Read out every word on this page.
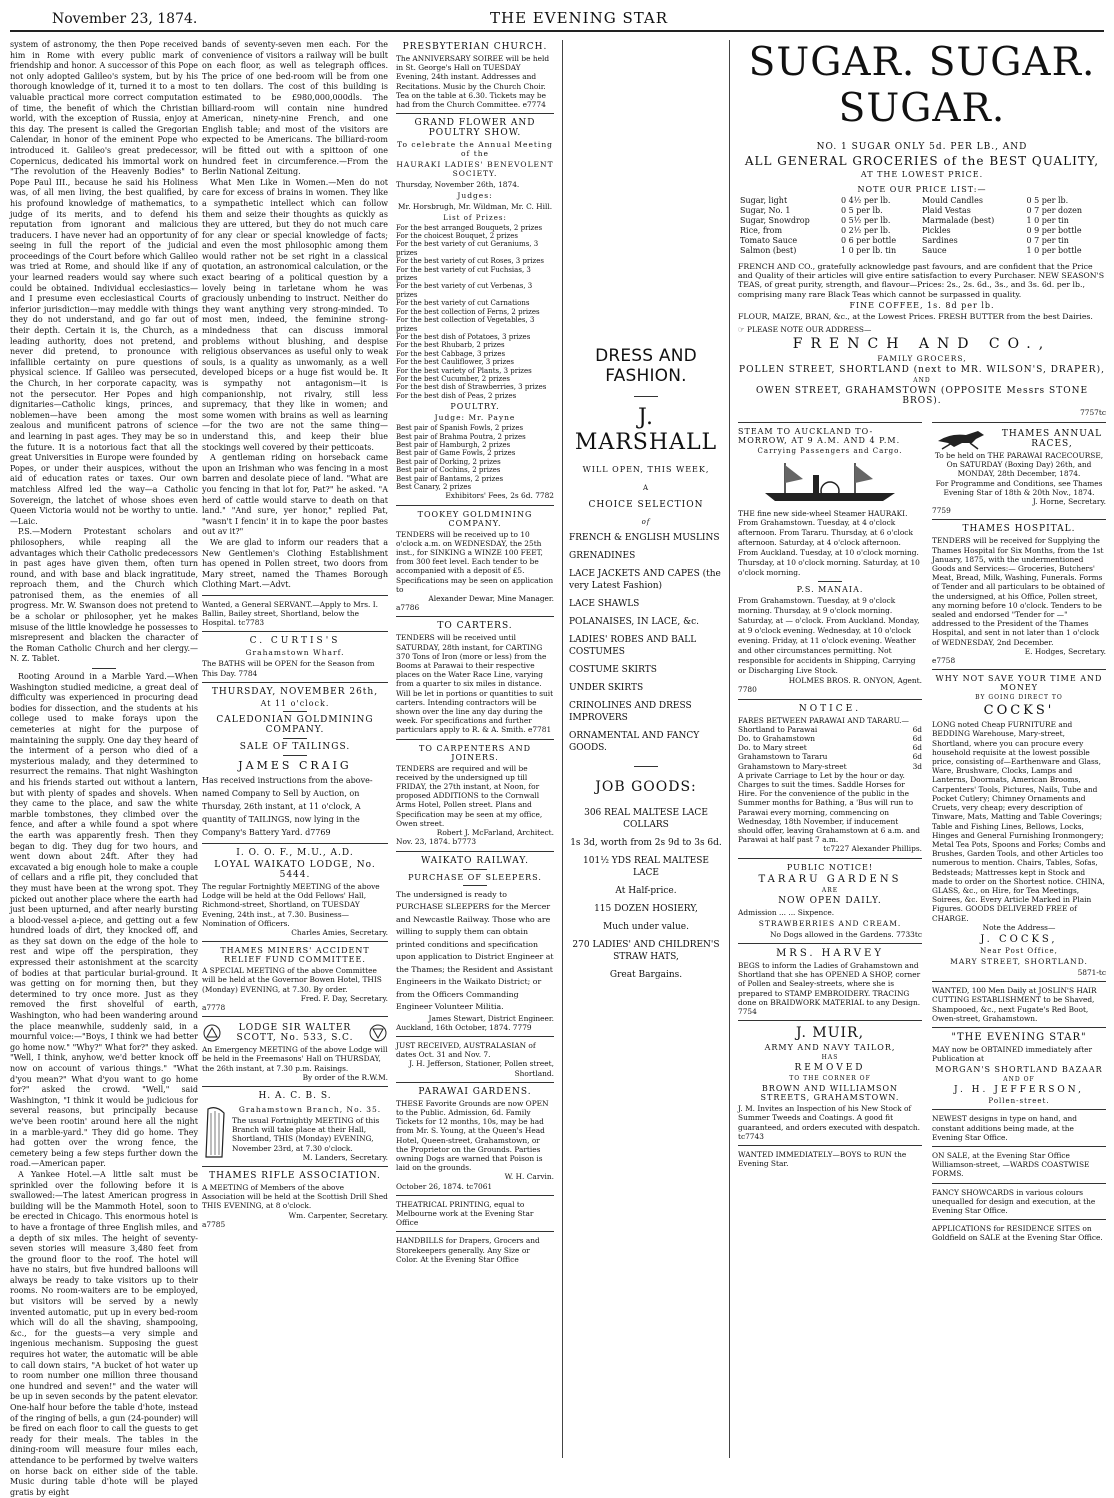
November 23, 1874.	THE EVENING STAR

system of astronomy, the then Pope received him in Rome with every public mark of friendship and honor. A successor of this Pope not only adopted Galileo's system, but by his thorough knowledge of it, turned it to a most valuable practical more correct computation of time, the benefit of which the Christian world, with the exception of Russia, enjoy at this day. The present is called the Gregorian Calendar, in honor of the eminent Pope who introduced it. Galileo's great predecessor, Copernicus, dedicated his immortal work on "The revolution of the Heavenly Bodies" to Pope Paul III., because he said his Holiness was, of all men living, the best qualified, by his profound knowledge of mathematics, to judge of its merits, and to defend his reputation from ignorant and malicious traducers. I have never had an opportunity of seeing in full the report of the judicial proceedings of the Court before which Galileo was tried at Rome, and should like if any of your learned readers would say where such could be obtained. Individual ecclesiastics—and I presume even ecclesiastical Courts of inferior jurisdiction—may meddle with things they do not understand, and go far out of their depth. Certain it is, the Church, as a leading authority, does not pretend, and never did pretend, to pronounce with infallible certainty on pure questions of physical science. If Galileo was persecuted, the Church, in her corporate capacity, was not the persecutor. Her Popes and high dignitaries—Catholic kings, princes, and noblemen—have been among the most zealous and munificent patrons of science and learning in past ages. They may be so in the future. It is a notorious fact that all the great Universities in Europe were founded by Popes, or under their auspices, without the aid of education rates or taxes. Our own matchless Alfred led the way—a Catholic Sovereign, the latchet of whose shoes even Queen Victoria would not be worthy to untie.—Laic.

P.S.—Modern Protestant scholars and philosophers, while reaping all the advantages which their Catholic predecessors in past ages have given them, often turn round, and with base and black ingratitude, reproach them, and the Church which patronised them, as the enemies of all progress. Mr. W. Swanson does not pretend to be a scholar or philosopher, yet he makes misuse of the little knowledge he possesses to misrepresent and blacken the character of the Roman Catholic Church and her clergy.—N. Z. Tablet.

Rooting Around in a Marble Yard.—When Washington studied medicine, a great deal of difficulty was experienced in procuring dead bodies for dissection, and the students at his college used to make forays upon the cemeteries at night for the purpose of maintaining the supply. One day they heard of the interment of a person who died of a mysterious malady, and they determined to resurrect the remains. That night Washington and his friends started out without a lantern, but with plenty of spades and shovels. When they came to the place, and saw the white marble tombstones, they climbed over the fence, and after a while found a spot where the earth was apparently fresh. Then they began to dig. They dug for two hours, and went down about 24ft. After they had excavated a big enough hole to make a couple of cellars and a rifle pit, they concluded that they must have been at the wrong spot. They picked out another place where the earth had just been upturned, and after nearly bursting a blood-vessel a-piece, and getting out a few hundred loads of dirt, they knocked off, and as they sat down on the edge of the hole to rest and wipe off the perspiration, they expressed their astonishment at the scarcity of bodies at that particular burial-ground. It was getting on for morning then, but they determined to try once more. Just as they removed the first shovelful of earth, Washington, who had been wandering around the place meanwhile, suddenly said, in a mournful voice:—"Boys, I think we had better go home now." "Why?" What for?" they asked. "Well, I think, anyhow, we'd better knock off now on account of various things." "What d'you mean?" What d'you want to go home for?" asked the crowd. "Well," said Washington, "I think it would be judicious for several reasons, but principally because we've been rootin' around here all the night in a marble-yard." They did go home. They had gotten over the wrong fence, the cemetery being a few steps further down the road.—American paper.

A Yankee Hotel.—A little salt must be sprinkled over the following before it is swallowed:—The latest American progress in building will be the Mammoth Hotel, soon to be erected in Chicago. This enormous hotel is to have a frontage of three English miles, and a depth of six miles. The height of seventy-seven stories will measure 3,480 feet from the ground floor to the roof. The hotel will have no stairs, but five hundred balloons will always be ready to take visitors up to their rooms. No room-waiters are to be employed, but visitors will be served by a newly invented automatic, put up in every bed-room which will do all the shaving, shampooing, &c., for the guests—a very simple and ingenious mechanism. Supposing the guest requires hot water, the automatic will be able to call down stairs, "A bucket of hot water up to room number one million three thousand one hundred and seven!" and the water will be up in seven seconds by the patent elevator. One-half hour before the table d'hote, instead of the ringing of bells, a gun (24-pounder) will be fired on each floor to call the guests to get ready for their meals. The tables in the dining-room will measure four miles each, attendance to be performed by twelve waiters on horse back on either side of the table. Music during table d'hote will be played gratis by eight

bands of seventy-seven men each. For the convenience of visitors a railway will be built on each floor, as well as telegraph offices. The price of one bed-room will be from one to ten dollars. The cost of this building is estimated to be £980,000,000dls. The billiard-room will contain nine hundred American, ninety-nine French, and one English table; and most of the visitors are expected to be Americans. The billiard-room will be fitted out with a spittoon of one hundred feet in circumference.—From the Berlin National Zeitung.

What Men Like in Women.—Men do not care for excess of brains in women. They like a sympathetic intellect which can follow them and seize their thoughts as quickly as they are uttered, but they do not much care for any clear or special knowledge of facts; and even the most philosophic among them would rather not be set right in a classical quotation, an astronomical calculation, or the exact bearing of a political question by a lovely being in tarletane whom he was graciously unbending to instruct. Neither do they want anything very strong-minded. To most men, indeed, the feminine strong-mindedness that can discuss immoral problems without blushing, and despise religious observances as useful only to weak souls, is a quality as unwomanly, as a well developed biceps or a huge fist would be. It is sympathy not antagonism—it is companionship, not rivalry, still less supremacy, that they like in women; and some women with brains as well as learning—for the two are not the same thing—understand this, and keep their blue stockings well covered by their petticoats.

A gentleman riding on horseback came upon an Irishman who was fencing in a most barren and desolate piece of land. "What are you fencing in that lot for, Pat?" he asked. "A herd of cattle would starve to death on that land." "And sure, yer honor," replied Pat, "wasn't I fencin' it in to kape the poor bastes out av it?"

We are glad to inform our readers that a New Gentlemen's Clothing Establishment has opened in Pollen street, two doors from Mary street, named the Thames Borough Clothing Mart.—Advt.

Wanted, a General SERVANT.—Apply to Mrs. I. Ballin, Bailey street, Shortland, below the Hospital. tc7783

C. CURTIS'S
Grahamstown Wharf.

The BATHS will be OPEN for the Season from This Day. 7784

THURSDAY, NOVEMBER 26th,
At 11 o'clock.
CALEDONIAN GOLDMINING COMPANY.
SALE OF TAILINGS.
JAMES CRAIG

Has received instructions from the above-named Company to Sell by Auction, on Thursday, 26th instant, at 11 o'clock, A quantity of TAILINGS, now lying in the Company's Battery Yard. d7769

I. O. O. F., M.U., A.D.
LOYAL WAIKATO LODGE, No. 5444.

The regular Fortnightly MEETING of the above Lodge will be held at the Odd Fellows' Hall, Richmond-street, Shortland, on TUESDAY Evening, 24th inst., at 7.30. Business—Nomination of Officers.

Charles Amies, Secretary.

THAMES MINERS' ACCIDENT RELIEF FUND COMMITTEE.

A SPECIAL MEETING of the above Committee will be held at the Governor Bowen Hotel, THIS (Monday) EVENING, at 7.30. By order.

Fred. F. Day, Secretary.

a7778

LODGE SIR WALTER SCOTT, No. 533, S.C.

An Emergency MEETING of the above Lodge will be held in the Freemasons' Hall on THURSDAY, the 26th instant, at 7.30 p.m. Raisings.

By order of the R.W.M.

H. A. C. B. S.
Grahamstown Branch, No. 35.

The usual Fortnightly MEETING of this Branch will take place at their Hall, Shortland, THIS (Monday) EVENING, November 23rd, at 7.30 o'clock.

M. Landers, Secretary.

THAMES RIFLE ASSOCIATION.

A MEETING of Members of the above Association will be held at the Scottish Drill Shed THIS EVENING, at 8 o'clock.

Wm. Carpenter, Secretary.

a7785

PRESBYTERIAN CHURCH.

The ANNIVERSARY SOIREE will be held in St. George's Hall on TUESDAY Evening, 24th instant. Addresses and Recitations. Music by the Church Choir. Tea on the table at 6.30. Tickets may be had from the Church Committee. e7774

GRAND FLOWER AND POULTRY SHOW.
To celebrate the Annual Meeting of the
HAURAKI LADIES' BENEVOLENT SOCIETY.

Thursday, November 26th, 1874.

Judges:

Mr. Horsbrugh, Mr. Wildman, Mr. C. Hill.

List of Prizes:

For the best arranged Bouquets, 2 prizes

For the choicest Bouquet, 2 prizes

For the best variety of cut Geraniums, 3 prizes

For the best variety of cut Roses, 3 prizes

For the best variety of cut Fuchsias, 3 prizes

For the best variety of cut Verbenas, 3 prizes

For the best variety of cut Carnations

For the best collection of Ferns, 2 prizes

For the best collection of Vegetables, 3 prizes

For the best dish of Potatoes, 3 prizes

For the best Rhubarb, 2 prizes

For the best Cabbage, 3 prizes

For the best Cauliflower, 3 prizes

For the best variety of Plants, 3 prizes

For the best Cucumber, 2 prizes

For the best dish of Strawberries, 3 prizes

For the best dish of Peas, 2 prizes

POULTRY.
Judge: Mr. Payne

Best pair of Spanish Fowls, 2 prizes

Best pair of Brahma Poutra, 2 prizes

Best pair of Hamburgh, 2 prizes

Best pair of Game Fowls, 2 prizes

Best pair of Dorking, 2 prizes

Best pair of Cochins, 2 prizes

Best pair of Bantams, 2 prizes

Best Canary, 2 prizes

Exhibitors' Fees, 2s 6d. 7782

TOOKEY GOLDMINING COMPANY.

TENDERS will be received up to 10 o'clock a.m. on WEDNESDAY, the 25th inst., for SINKING a WINZE 100 FEET, from 300 feet level. Each tender to be accompanied with a deposit of £5. Specifications may be seen on application to

Alexander Dewar, Mine Manager.

a7786

TO CARTERS.

TENDERS will be received until SATURDAY, 28th instant, for CARTING 370 Tons of Iron (more or less) from the Booms at Parawai to their respective places on the Water Race Line, varying from a quarter to six miles in distance. Will be let in portions or quantities to suit carters. Intending contractors will be shown over the line any day during the week. For specifications and further particulars apply to R. & A. Smith. e7781

TO CARPENTERS AND JOINERS.

TENDERS are required and will be received by the undersigned up till FRIDAY, the 27th instant, at Noon, for proposed ADDITIONS to the Cornwall Arms Hotel, Pollen street. Plans and Specification may be seen at my office, Owen street.

Robert J. McFarland, Architect.

Nov. 23, 1874. b7773

WAIKATO RAILWAY.
PURCHASE OF SLEEPERS.

The undersigned is ready to PURCHASE SLEEPERS for the Mercer and Newcastle Railway. Those who are willing to supply them can obtain printed conditions and specification upon application to District Engineer at the Thames; the Resident and Assistant Engineers in the Waikato District; or from the Officers Commanding Engineer Volunteer Militia.

James Stewart, District Engineer.

Auckland, 16th October, 1874. 7779

JUST RECEIVED, AUSTRALASIAN of dates Oct. 31 and Nov. 7.

J. H. Jefferson, Stationer, Pollen street, Shortland.

PARAWAI GARDENS.

THESE Favorite Grounds are now OPEN to the Public. Admission, 6d. Family Tickets for 12 months, 10s, may be had from Mr. S. Young, at the Queen's Head Hotel, Queen-street, Grahamstown, or the Proprietor on the Grounds. Parties owning Dogs are warned that Poison is laid on the grounds.

W. H. Carvin.

October 26, 1874. tc7061

THEATRICAL PRINTING, equal to Melbourne work at the Evening Star Office

HANDBILLS for Drapers, Grocers and Storekeepers generally. Any Size or Color. At the Evening Star Office

DRESS AND FASHION.
J. MARSHALL
WILL OPEN, THIS WEEK,
A
CHOICE SELECTION
of

FRENCH & ENGLISH MUSLINS

GRENADINES

LACE JACKETS AND CAPES (the very Latest Fashion)

LACE SHAWLS

POLANAISES, IN LACE, &c.

LADIES' ROBES AND BALL COSTUMES

COSTUME SKIRTS

UNDER SKIRTS

CRINOLINES AND DRESS IMPROVERS

ORNAMENTAL AND FANCY GOODS.

JOB GOODS:

306 REAL MALTESE LACE COLLARS

1s 3d, worth from 2s 9d to 3s 6d.

101½ YDS REAL MALTESE LACE

At Half-price.

115 DOZEN HOSIERY,

Much under value.

270 LADIES' AND CHILDREN'S STRAW HATS,

Great Bargains.

SUGAR. SUGAR. SUGAR.

NO. 1 SUGAR ONLY 5d. PER LB., AND
ALL GENERAL GROCERIES of the BEST QUALITY,
AT THE LOWEST PRICE.
NOTE OUR PRICE LIST:—
Sugar, light	0 4½ per lb.	Mould Candles	0 5 per lb.
Sugar, No. 1	0 5 per lb.	Plaid Vestas	0 7 per dozen
Sugar, Snowdrop	0 5½ per lb.	Marmalade (best)	1 0 per tin
Rice, from	0 2½ per lb.	Pickles	0 9 per bottle
Tomato Sauce	0 6 per bottle	Sardines	0 7 per tin
Salmon (best)	1 0 per lb. tin	Sauce	1 0 per bottle

FRENCH AND CO., gratefully acknowledge past favours, and are confident that the Price and Quality of their articles will give entire satisfaction to every Purchaser. NEW SEASON'S TEAS, of great purity, strength, and flavour—Prices: 2s., 2s. 6d., 3s., and 3s. 6d. per lb., comprising many rare Black Teas which cannot be surpassed in quality.

FINE COFFEE, 1s. 8d per lb.

FLOUR, MAIZE, BRAN, &c., at the Lowest Prices. FRESH BUTTER from the best Dairies.

☞ PLEASE NOTE OUR ADDRESS—

FRENCH AND CO.,
FAMILY GROCERS,
POLLEN STREET, SHORTLAND (next to MR. WILSON'S, DRAPER),
AND
OWEN STREET, GRAHAMSTOWN (OPPOSITE Messrs STONE BROS).

7757tc

STEAM TO AUCKLAND TO-MORROW, AT 9 A.M. AND 4 P.M.
Carrying Passengers and Cargo.

THE fine new side-wheel Steamer HAURAKI.

From Grahamstown. Tuesday, at 4 o'clock afternoon. From Tararu. Thursday, at 6 o'clock afternoon. Saturday, at 4 o'clock afternoon. From Auckland. Tuesday, at 10 o'clock morning. Thursday, at 10 o'clock morning. Saturday, at 10 o'clock morning.

P.S. MANAIA.

From Grahamstown. Tuesday, at 9 o'clock morning. Thursday, at 9 o'clock morning. Saturday, at — o'clock. From Auckland. Monday, at 9 o'clock evening. Wednesday, at 10 o'clock evening. Friday, at 11 o'clock evening. Weather and other circumstances permitting. Not responsible for accidents in Shipping, Carrying or Discharging Live Stock.

HOLMES BROS. R. ONYON, Agent.

7780

NOTICE.

FARES BETWEEN PARAWAI AND TARARU.—

Shortland to Parawai	6d
Do. to Grahamstown	6d
Do. to Mary street	6d
Grahamstown to Tararu	6d
Grahamstown to Mary-street	3d

A private Carriage to Let by the hour or day. Charges to suit the times. Saddle Horses for Hire. For the convenience of the public in the Summer months for Bathing, a 'Bus will run to Parawai every morning, commencing on Wednesday, 18th November, if inducement should offer, leaving Grahamstown at 6 a.m. and Parawai at half past 7 a.m.

tc7227 Alexander Phillips.

PUBLIC NOTICE!
TARARU GARDENS
ARE
NOW OPEN DAILY.

Admission ... ... Sixpence.

STRAWBERRIES AND CREAM.

No Dogs allowed in the Gardens. 7733tc

MRS. HARVEY

BEGS to inform the Ladies of Grahamstown and Shortland that she has OPENED A SHOP, corner of Pollen and Sealey-streets, where she is prepared to STAMP EMBROIDERY. TRACING done on BRAIDWORK MATERIAL to any Design. 7754

J. MUIR,
ARMY AND NAVY TAILOR,
HAS
REMOVED
TO THE CORNER OF
BROWN AND WILLIAMSON STREETS, GRAHAMSTOWN.

J. M. Invites an Inspection of his New Stock of Summer Tweeds and Coatings. A good fit guaranteed, and orders executed with despatch. tc7743

WANTED IMMEDIATELY—BOYS to RUN the Evening Star.

THAMES ANNUAL RACES,

To be held on THE PARAWAI RACECOURSE, On SATURDAY (Boxing Day) 26th, and MONDAY, 28th December, 1874.

For Programme and Conditions, see Thames Evening Star of 18th & 20th Nov., 1874.

J. Horne, Secretary.

7759

THAMES HOSPITAL.

TENDERS will be received for Supplying the Thames Hospital for Six Months, from the 1st January, 1875, with the undermentioned Goods and Services:— Groceries, Butchers' Meat, Bread, Milk, Washing, Funerals. Forms of Tender and all particulars to be obtained of the undersigned, at his Office, Pollen street, any morning before 10 o'clock. Tenders to be sealed and endorsed "Tender for —" addressed to the President of the Thames Hospital, and sent in not later than 1 o'clock of WEDNESDAY, 2nd December.

E. Hodges, Secretary.

e7758

WHY NOT SAVE YOUR TIME AND MONEY
BY GOING DIRECT TO
COCKS'

LONG noted Cheap FURNITURE and BEDDING Warehouse, Mary-street, Shortland, where you can procure every household requisite at the lowest possible price, consisting of—Earthenware and Glass, Ware, Brushware, Clocks, Lamps and Lanterns, Doormats, American Brooms, Carpenters' Tools, Pictures, Nails, Tube and Pocket Cutlery; Chimney Ornaments and Cruets, very cheap; every description of Tinware, Mats, Matting and Table Coverings; Table and Fishing Lines, Bellows, Locks, Hinges and General Furnishing Ironmongery; Metal Tea Pots, Spoons and Forks; Combs and Brushes, Garden Tools, and other Articles too numerous to mention. Chairs, Tables, Sofas, Bedsteads; Mattresses kept in Stock and made to order on the Shortest notice. CHINA, GLASS, &c., on Hire, for Tea Meetings, Soirees, &c. Every Article Marked in Plain Figures. GOODS DELIVERED FREE of CHARGE.

Note the Address—

J. COCKS,
Near Post Office,
MARY STREET, SHORTLAND.

5871-tc

WANTED, 100 Men Daily at JOSLIN'S HAIR CUTTING ESTABLISHMENT to be Shaved, Shampooed, &c., next Fugate's Red Boot, Owen-street, Grahamstown.

"THE EVENING STAR"

MAY now be OBTAINED immediately after Publication at

MORGAN'S SHORTLAND BAZAAR
AND OF
J. H. JEFFERSON,
Pollen-street.

NEWEST designs in type on hand, and constant additions being made, at the Evening Star Office.

ON SALE, at the Evening Star Office Williamson-street, —WARDS COASTWISE FORMS.

FANCY SHOWCARDS in various colours unequalled for design and execution, at the Evening Star Office.

APPLICATIONS for RESIDENCE SITES on Goldfield on SALE at the Evening Star Office.
